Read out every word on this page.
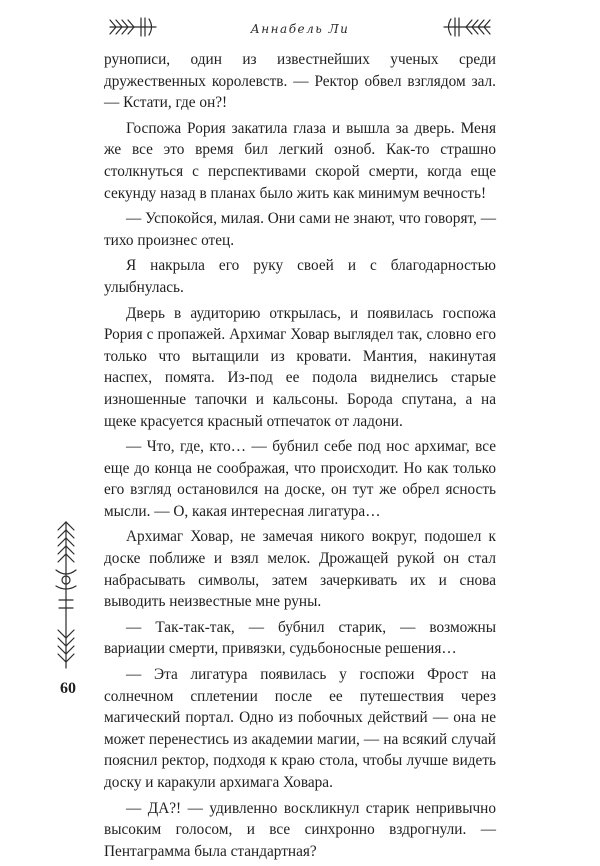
Аннабель Ли

рунописи, один из известнейших ученых среди дружественных королевств. — Ректор обвел взглядом зал. — Кстати, где он?!

Госпожа Рория закатила глаза и вышла за дверь. Меня же все это время бил легкий озноб. Как-то страшно столкнуться с перспективами скорой смерти, когда еще секунду назад в планах было жить как минимум вечность!

— Успокойся, милая. Они сами не знают, что говорят, — тихо произнес отец.

Я накрыла его руку своей и с благодарностью улыбнулась.

Дверь в аудиторию открылась, и появилась госпожа Рория с пропажей. Архимаг Ховар выглядел так, словно его только что вытащили из кровати. Мантия, накинутая наспех, помята. Из-под ее подола виднелись старые изношенные тапочки и кальсоны. Борода спутана, а на щеке красуется красный отпечаток от ладони.

— Что, где, кто… — бубнил себе под нос архимаг, все еще до конца не соображая, что происходит. Но как только его взгляд остановился на доске, он тут же обрел ясность мысли. — О, какая интересная лигатура…

Архимаг Ховар, не замечая никого вокруг, подошел к доске поближе и взял мелок. Дрожащей рукой он стал набрасывать символы, затем зачеркивать их и снова выводить неизвестные мне руны.

— Так-так-так, — бубнил старик, — возможны вариации смерти, привязки, судьбоносные решения…

— Эта лигатура появилась у госпожи Фрост на солнечном сплетении после ее путешествия через магический портал. Одно из побочных действий — она не может перенестись из академии магии, — на всякий случай пояснил ректор, подходя к краю стола, чтобы лучше видеть доску и каракули архимага Ховара.

— ДА?! — удивленно воскликнул старик непривычно высоким голосом, и все синхронно вздрогнули. — Пентаграмма была стандартная?

60
